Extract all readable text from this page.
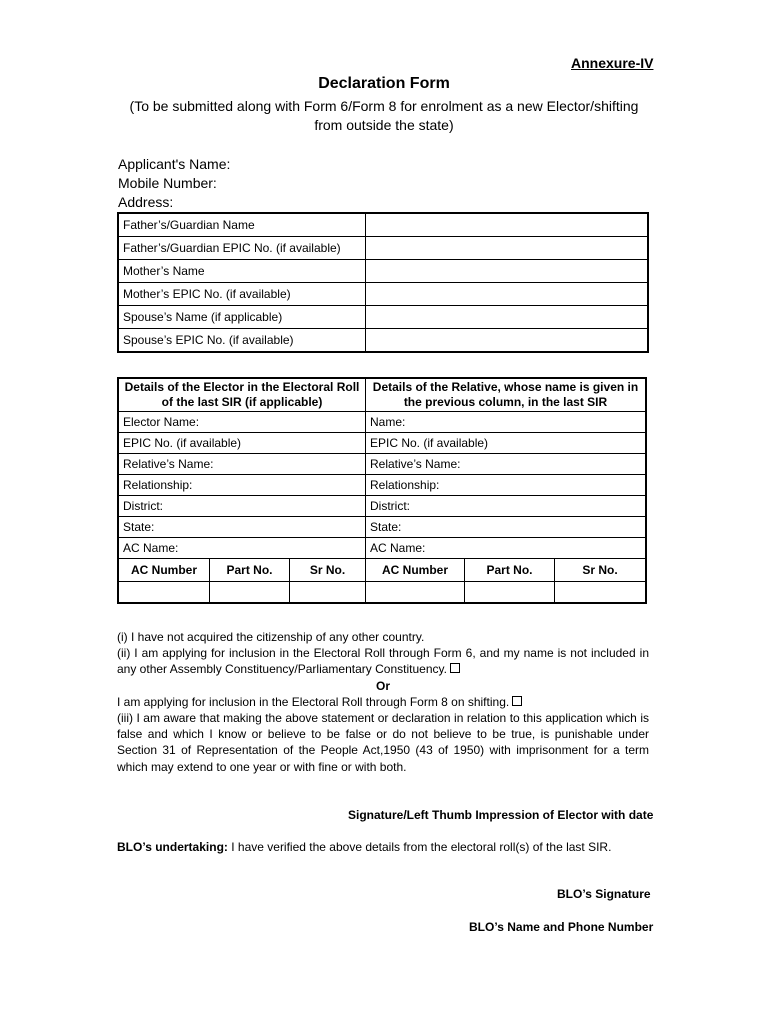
Annexure-IV
Declaration Form
(To be submitted along with Form 6/Form 8 for enrolment as a new Elector/shifting from outside the state)
Applicant's Name:
Mobile Number:
Address:
Father’s/Guardian Name	
Father’s/Guardian EPIC No. (if available)	
Mother’s Name	
Mother’s EPIC No. (if available)	
Spouse’s Name (if applicable)	
Spouse’s EPIC No. (if available)	
Details of the Elector in the Electoral Roll of the last SIR (if applicable)			Details of the Relative, whose name is given in the previous column, in the last SIR		
Elector Name:			Name:		
EPIC No. (if available)			EPIC No. (if available)		
Relative’s Name:			Relative’s Name:		
Relationship:			Relationship:		
District:			District:		
State:			State:		
AC Name:			AC Name:		
AC Number	Part No.	Sr No.	AC Number	Part No.	Sr No.

(i) I have not acquired the citizenship of any other country.

(ii) I am applying for inclusion in the Electoral Roll through Form 6, and my name is not included in any other Assembly Constituency/Parliamentary Constituency.

Or

I am applying for inclusion in the Electoral Roll through Form 8 on shifting.

(iii) I am aware that making the above statement or declaration in relation to this application which is false and which I know or believe to be false or do not believe to be true, is punishable under Section 31 of Representation of the People Act,1950 (43 of 1950) with imprisonment for a term which may extend to one year or with fine or with both.

Signature/Left Thumb Impression of Elector with date
BLO’s undertaking: I have verified the above details from the electoral roll(s) of the last SIR.
BLO’s Signature
BLO’s Name and Phone Number
